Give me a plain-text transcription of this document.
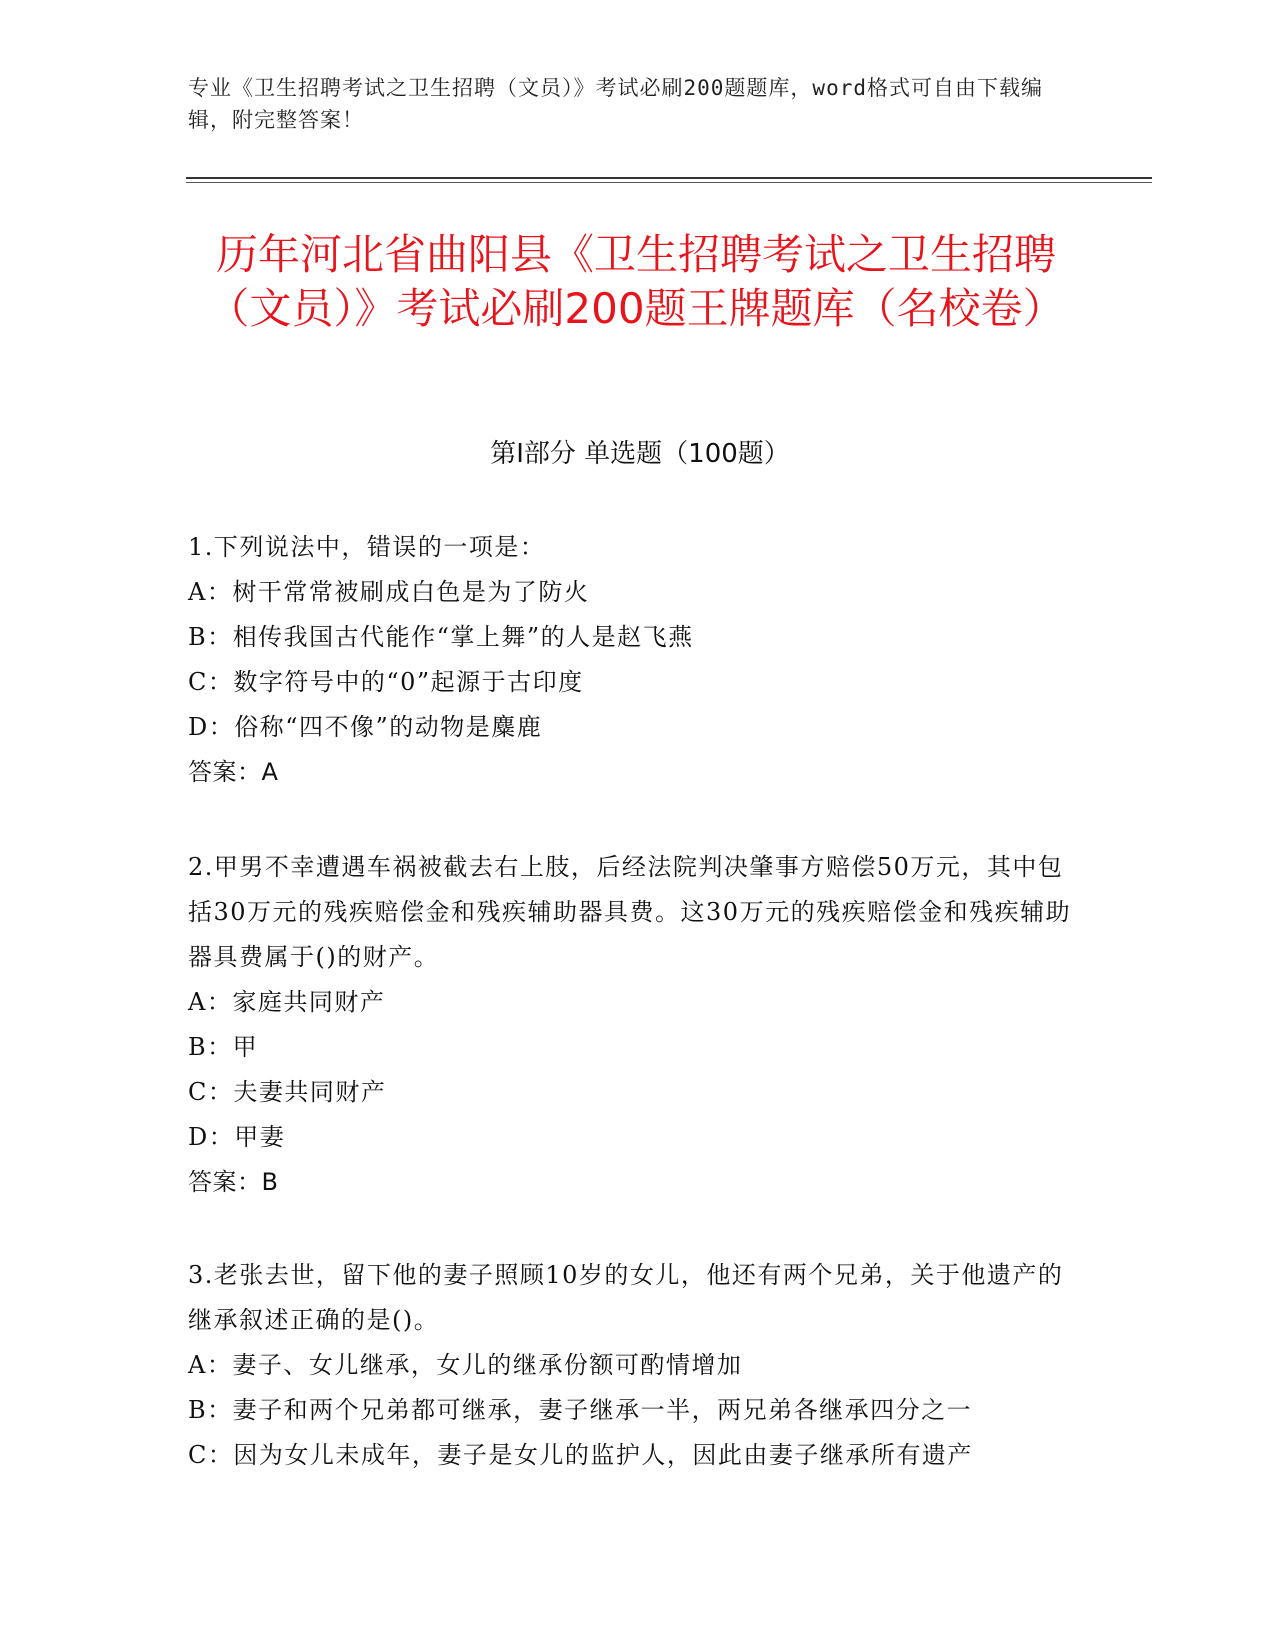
专业《卫生招聘考试之卫生招聘（文员）》考试必刷200题题库，word格式可自由下载编辑，附完整答案！
历年河北省曲阳县《卫生招聘考试之卫生招聘（文员）》考试必刷200题王牌题库（名校卷）
第Ⅰ部分 单选题（100题）
1.下列说法中，错误的一项是：
A：树干常常被刷成白色是为了防火
B：相传我国古代能作“掌上舞”的人是赵飞燕
C：数字符号中的“0”起源于古印度
D：俗称“四不像”的动物是麋鹿
答案：A
2.甲男不幸遭遇车祸被截去右上肢，后经法院判决肇事方赔偿50万元，其中包括30万元的残疾赔偿金和残疾辅助器具费。这30万元的残疾赔偿金和残疾辅助器具费属于()的财产。
A：家庭共同财产
B：甲
C：夫妻共同财产
D：甲妻
答案：B
3.老张去世，留下他的妻子照顾10岁的女儿，他还有两个兄弟，关于他遗产的继承叙述正确的是()。
A：妻子、女儿继承，女儿的继承份额可酌情增加
B：妻子和两个兄弟都可继承，妻子继承一半，两兄弟各继承四分之一
C：因为女儿未成年，妻子是女儿的监护人，因此由妻子继承所有遗产
